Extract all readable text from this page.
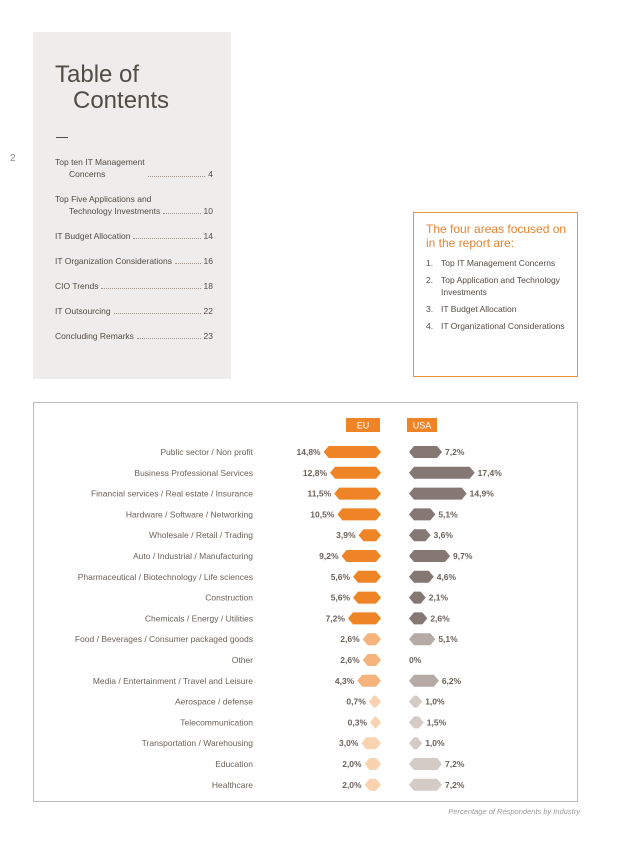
2
Table of
Contents
Top ten IT Management
Concerns	4
Top Five Applications and
Technology Investments	10
IT Budget Allocation	14
IT Organization Considerations	16
CIO Trends	18
IT Outsourcing	22
Concluding Remarks	23
The four areas focused on in the report are:
1. Top IT Management Concerns
2. Top Application and Technology Investments
3. IT Budget Allocation
4. IT Organizational Considerations
EU	USA
Public sector / Non profit	14,8%	7,2%
Business Professional Services	12,8%	17,4%
Financial services / Real estate / Insurance	11,5%	14,9%
Hardware / Software / Networking	10,5%	5,1%
Wholesale / Retail / Trading	3,9%	3,6%
Auto / Industrial / Manufacturing	9,2%	9,7%
Pharmaceutical / Biotechnology / Life sciences	5,6%	4,6%
Construction	5,6%	2,1%
Chemicals / Energy / Utilities	7,2%	2,6%
Food / Beverages / Consumer packaged goods	2,6%	5,1%
Other	2,6%	0%
Media / Entertainment / Travel and Leisure	4,3%	6,2%
Aerospace / defense	0,7%	1,0%
Telecommunication	0,3%	1,5%
Transportation / Warehousing	3,0%	1,0%
Education	2,0%	7,2%
Healthcare	2,0%	7,2%
Percentage of Respondents by Industry
